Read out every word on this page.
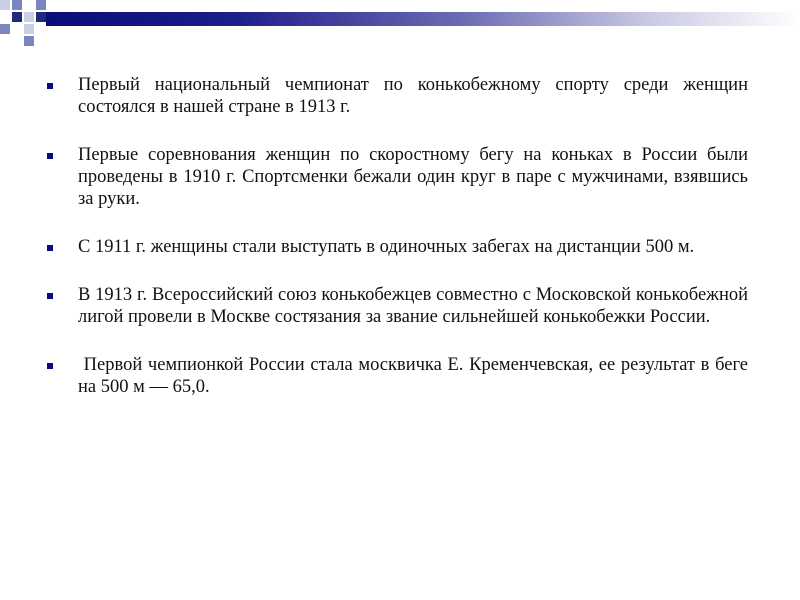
Первый национальный чемпионат по конькобежному спорту среди женщин состоялся в нашей стране в 1913 г.
Первые соревнования женщин по скоростному бегу на коньках в России были проведены в 1910 г. Спортсменки бежали один круг в паре с мужчинами, взявшись за руки.
С 1911 г. женщины стали выступать в одиночных забегах на дистанции 500 м.
В 1913 г. Всероссийский союз конькобежцев совместно с Московской конькобежной лигой провели в Москве состязания за звание сильнейшей конькобежки России.
Первой чемпионкой России стала москвичка Е. Кременчевская, ее результат в беге на 500 м — 65,0.
